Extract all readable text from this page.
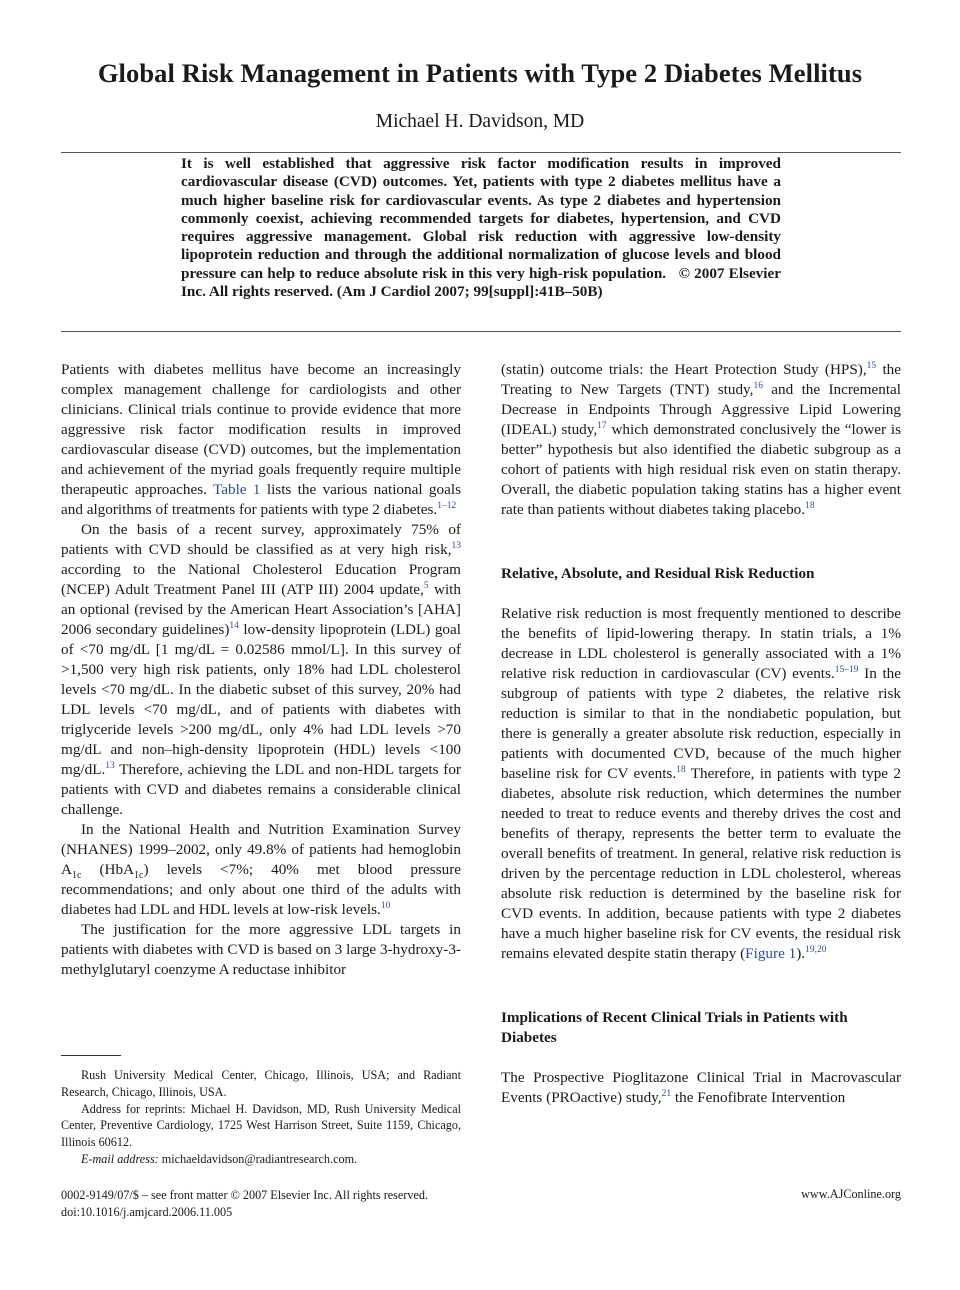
Global Risk Management in Patients with Type 2 Diabetes Mellitus
Michael H. Davidson, MD
It is well established that aggressive risk factor modification results in improved cardiovascular disease (CVD) outcomes. Yet, patients with type 2 diabetes mellitus have a much higher baseline risk for cardiovascular events. As type 2 diabetes and hypertension commonly coexist, achieving recommended targets for diabetes, hypertension, and CVD requires aggressive management. Global risk reduction with aggressive low-density lipoprotein reduction and through the additional normalization of glucose levels and blood pressure can help to reduce absolute risk in this very high-risk population. © 2007 Elsevier Inc. All rights reserved. (Am J Cardiol 2007; 99[suppl]:41B–50B)

Patients with diabetes mellitus have become an increasingly complex management challenge for cardiologists and other clinicians. Clinical trials continue to provide evidence that more aggressive risk factor modification results in improved cardiovascular disease (CVD) outcomes, but the implementation and achievement of the myriad goals frequently require multiple therapeutic approaches. Table 1 lists the various national goals and algorithms of treatments for patients with type 2 diabetes.$^{1-12}$

On the basis of a recent survey, approximately 75% of patients with CVD should be classified as at very high risk,$^{13}$ according to the National Cholesterol Education Program (NCEP) Adult Treatment Panel III (ATP III) 2004 update,$^5$ with an optional (revised by the American Heart Association’s [AHA] 2006 secondary guidelines)$^{14}$ low-density lipoprotein (LDL) goal of <70 mg/dL [1 mg/dL = 0.02586 mmol/L]. In this survey of >1,500 very high risk patients, only 18% had LDL cholesterol levels <70 mg/dL. In the diabetic subset of this survey, 20% had LDL levels <70 mg/dL, and of patients with diabetes with triglyceride levels >200 mg/dL, only 4% had LDL levels >70 mg/dL and non–high-density lipoprotein (HDL) levels <100 mg/dL.$^{13}$ Therefore, achieving the LDL and non-HDL targets for patients with CVD and diabetes remains a considerable clinical challenge.

In the National Health and Nutrition Examination Survey (NHANES) 1999–2002, only 49.8% of patients had hemoglobin $A_{1c}$ (HbA$_{1c}$) levels <7%; 40% met blood pressure recommendations; and only about one third of the adults with diabetes had LDL and HDL levels at low-risk levels.$^{10}$

The justification for the more aggressive LDL targets in patients with diabetes with CVD is based on 3 large 3-hydroxy-3-methylglutaryl coenzyme A reductase inhibitor

(statin) outcome trials: the Heart Protection Study (HPS),$^{15}$ the Treating to New Targets (TNT) study,$^{16}$ and the Incremental Decrease in Endpoints Through Aggressive Lipid Lowering (IDEAL) study,$^{17}$ which demonstrated conclusively the “lower is better” hypothesis but also identified the diabetic subgroup as a cohort of patients with high residual risk even on statin therapy. Overall, the diabetic population taking statins has a higher event rate than patients without diabetes taking placebo.$^{18}$

Relative, Absolute, and Residual Risk Reduction

Relative risk reduction is most frequently mentioned to describe the benefits of lipid-lowering therapy. In statin trials, a 1% decrease in LDL cholesterol is generally associated with a 1% relative risk reduction in cardiovascular (CV) events.$^{15-19}$ In the subgroup of patients with type 2 diabetes, the relative risk reduction is similar to that in the nondiabetic population, but there is generally a greater absolute risk reduction, especially in patients with documented CVD, because of the much higher baseline risk for CV events.$^{18}$ Therefore, in patients with type 2 diabetes, absolute risk reduction, which determines the number needed to treat to reduce events and thereby drives the cost and benefits of therapy, represents the better term to evaluate the overall benefits of treatment. In general, relative risk reduction is driven by the percentage reduction in LDL cholesterol, whereas absolute risk reduction is determined by the baseline risk for CVD events. In addition, because patients with type 2 diabetes have a much higher baseline risk for CV events, the residual risk remains elevated despite statin therapy (Figure 1).$^{19,20}$

Implications of Recent Clinical Trials in Patients with Diabetes

The Prospective Pioglitazone Clinical Trial in Macrovascular Events (PROactive) study,$^{21}$ the Fenofibrate Intervention

Rush University Medical Center, Chicago, Illinois, USA; and Radiant Research, Chicago, Illinois, USA.

Address for reprints: Michael H. Davidson, MD, Rush University Medical Center, Preventive Cardiology, 1725 West Harrison Street, Suite 1159, Chicago, Illinois 60612.

E-mail address: michaeldavidson@radiantresearch.com.

0002-9149/07/$ – see front matter © 2007 Elsevier Inc. All rights reserved.
doi:10.1016/j.amjcard.2006.11.005
www.AJConline.org
